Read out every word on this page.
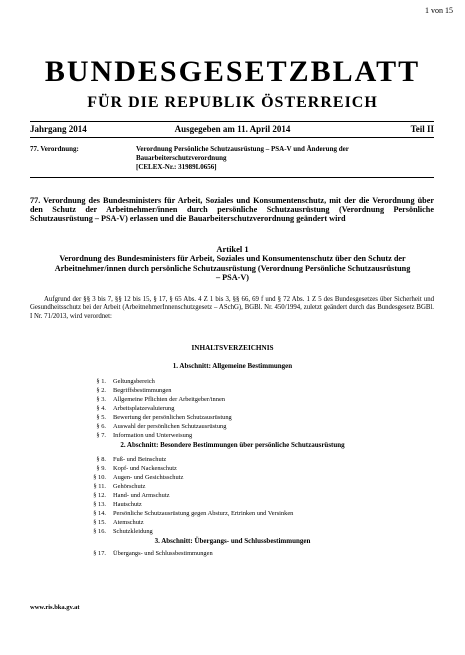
1 von 15
BUNDESGESETZBLATT
FÜR DIE REPUBLIK ÖSTERREICH
Jahrgang 2014	Ausgegeben am 11. April 2014	Teil II
77. Verordnung:	Verordnung Persönliche Schutzausrüstung – PSA-V und Änderung der Bauarbeiterschutzverordnung
[CELEX-Nr.: 31989L0656]
77. Verordnung des Bundesministers für Arbeit, Soziales und Konsumentenschutz, mit der die Verordnung über den Schutz der Arbeitnehmer/innen durch persönliche Schutzausrüstung (Verordnung Persönliche Schutzausrüstung – PSA-V) erlassen und die Bauarbeiterschutzverordnung geändert wird
Artikel 1
Verordnung des Bundesministers für Arbeit, Soziales und Konsumentenschutz über den Schutz der Arbeitnehmer/innen durch persönliche Schutzausrüstung (Verordnung Persönliche Schutzausrüstung – PSA-V)
Aufgrund der §§ 3 bis 7, §§ 12 bis 15, § 17, § 65 Abs. 4 Z 1 bis 3, §§ 66, 69 f und § 72 Abs. 1 Z 5 des Bundesgesetzes über Sicherheit und Gesundheitsschutz bei der Arbeit (ArbeitnehmerInnenschutzgesetz – ASchG), BGBl. Nr. 450/1994, zuletzt geändert durch das Bundesgesetz BGBl. I Nr. 71/2013, wird verordnet:
INHALTSVERZEICHNIS
1. Abschnitt: Allgemeine Bestimmungen
§ 1. Geltungsbereich
§ 2. Begriffsbestimmungen
§ 3. Allgemeine Pflichten der Arbeitgeber/innen
§ 4. Arbeitsplatzevaluierung
§ 5. Bewertung der persönlichen Schutzausrüstung
§ 6. Auswahl der persönlichen Schutzausrüstung
§ 7. Information und Unterweisung
2. Abschnitt: Besondere Bestimmungen über persönliche Schutzausrüstung
§ 8. Fuß- und Beinschutz
§ 9. Kopf- und Nackenschutz
§ 10. Augen- und Gesichtsschutz
§ 11. Gehörschutz
§ 12. Hand- und Armschutz
§ 13. Hautschutz
§ 14. Persönliche Schutzausrüstung gegen Absturz, Ertrinken und Versinken
§ 15. Atemschutz
§ 16. Schutzkleidung
3. Abschnitt: Übergangs- und Schlussbestimmungen
§ 17. Übergangs- und Schlussbestimmungen
www.ris.bka.gv.at
